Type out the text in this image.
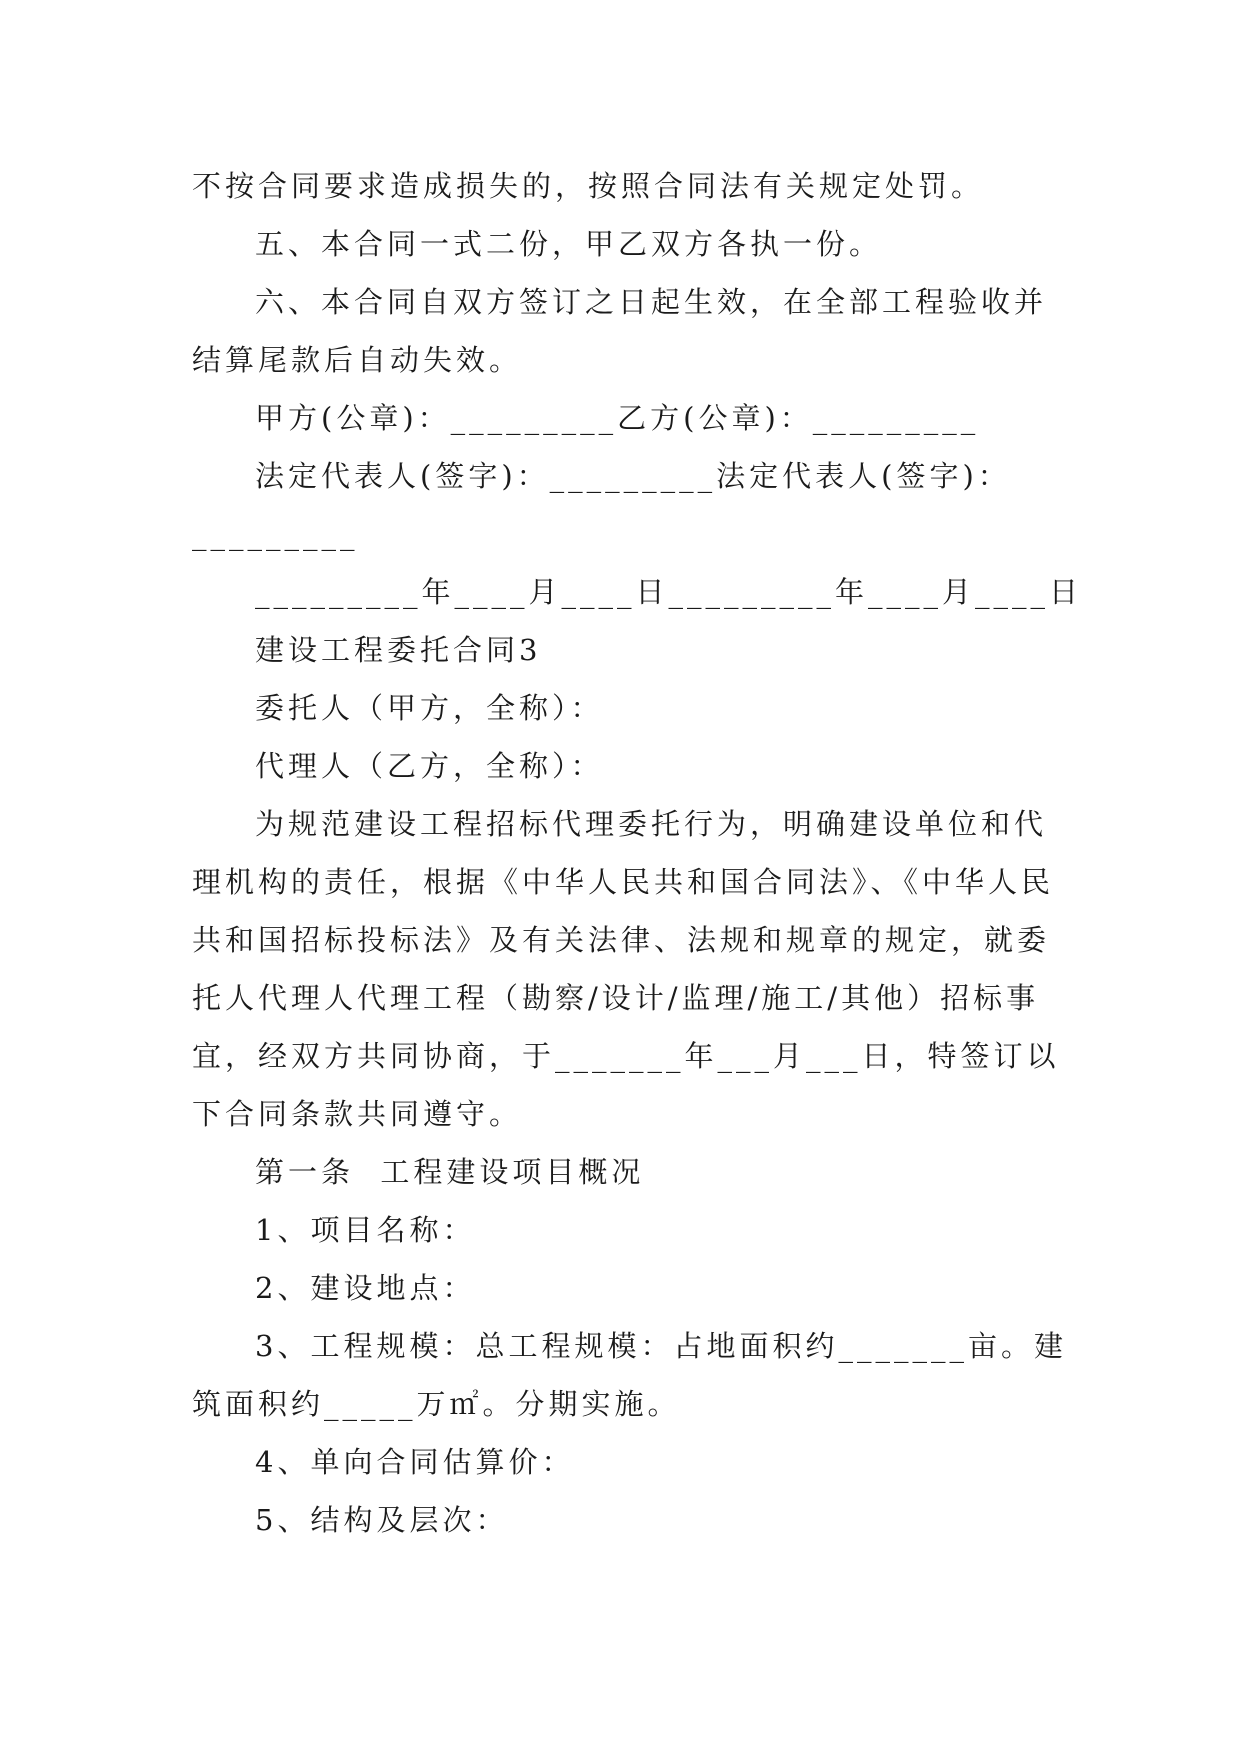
不按合同要求造成损失的，按照合同法有关规定处罚。
五、本合同一式二份，甲乙双方各执一份。
六、本合同自双方签订之日起生效，在全部工程验收并
结算尾款后自动失效。
甲方(公章)：_________乙方(公章)：_________
法定代表人(签字)：_________法定代表人(签字)：
_________
_________年____月____日_________年____月____日
建设工程委托合同3
委托人（甲方，全称）：
代理人（乙方，全称）：
为规范建设工程招标代理委托行为，明确建设单位和代
理机构的责任，根据《中华人民共和国合同法》、《中华人民
共和国招标投标法》及有关法律、法规和规章的规定，就委
托人代理人代理工程（勘察/设计/监理/施工/其他）招标事
宜，经双方共同协商，于_______年___月___日，特签订以
下合同条款共同遵守。
第一条  工程建设项目概况
1、项目名称：
2、建设地点：
3、工程规模：总工程规模：占地面积约_______亩。建
筑面积约_____万㎡。分期实施。
4、单向合同估算价：
5、结构及层次：
